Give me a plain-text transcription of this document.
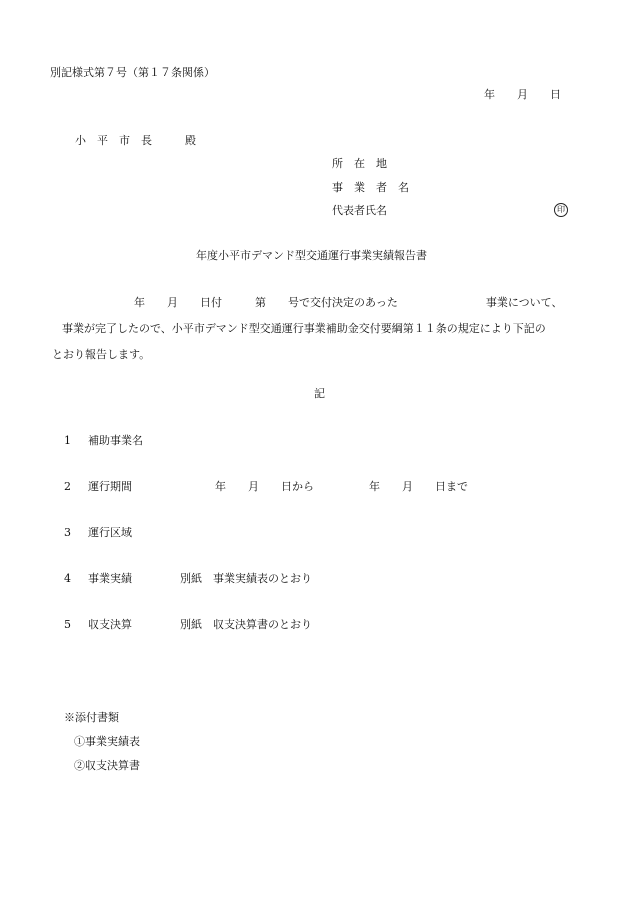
別記様式第７号（第１７条関係）
年　　月　　日
小　平　市　長　　　殿
所　在　地
事　業　者　名
代表者氏名	印
年度小平市デマンド型交通運行事業実績報告書
　　　　　　　　年　　月　　日付　　　第　　号で交付決定のあった　　　　　　　　事業について、
事業が完了したので、小平市デマンド型交通運行事業補助金交付要綱第１１条の規定により下記の
とおり報告します。
記
1 補助事業名
2 運行期間	年　　月　　日から　　　　　年　　月　　日まで
3 運行区域
4 事業実績	別紙　事業実績表のとおり
5 収支決算	別紙　収支決算書のとおり
※添付書類
①事業実績表
②収支決算書
